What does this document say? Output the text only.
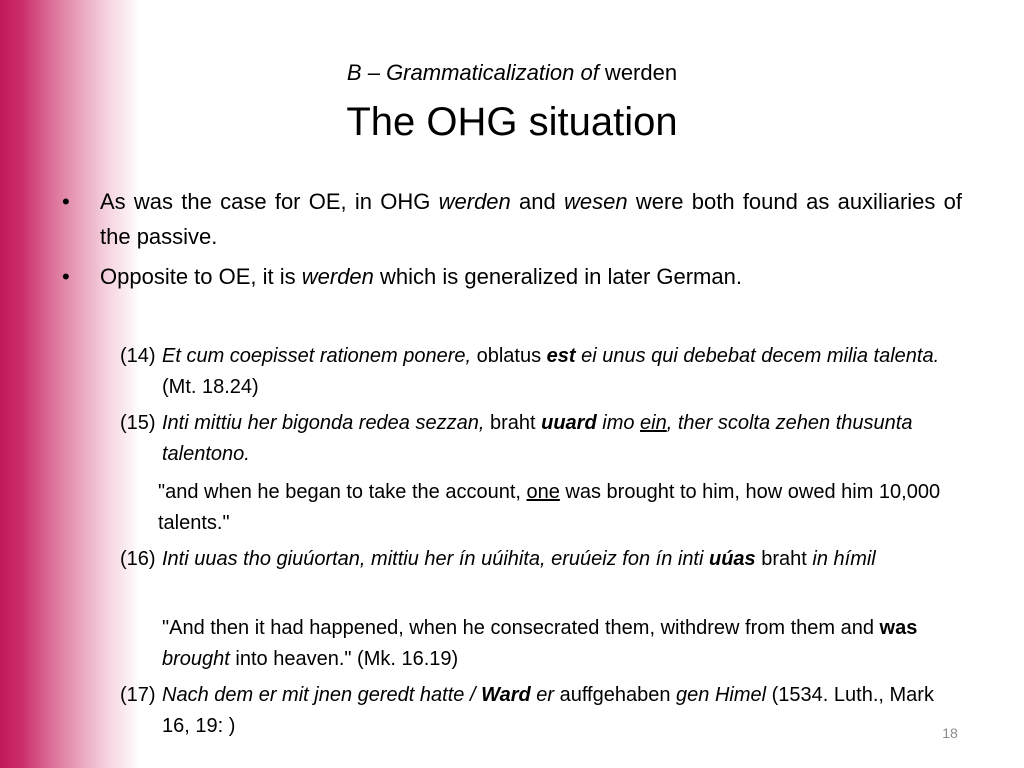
B – Grammaticalization of werden
The OHG situation
• As was the case for OE, in OHG werden and wesen were both found as auxiliaries of the passive.
• Opposite to OE, it is werden which is generalized in later German.
(14) Et cum coepisset rationem ponere, oblatus est ei unus qui debebat decem milia talenta. (Mt. 18.24)
(15) Inti mittiu her bigonda redea sezzan, braht uuard imo ein, ther scolta zehen thusunta talentono.
"and when he began to take the account, one was brought to him, how owed him 10,000 talents."
(16) Inti uuas tho giuúortan, mittiu her ín uúihita, eruúeiz fon ín inti uúas braht in hímil
"And then it had happened, when he consecrated them, withdrew from them and was brought into heaven." (Mk. 16.19)
(17) Nach dem er mit jnen geredt hatte / Ward er auffgehaben gen Himel (1534. Luth., Mark 16, 19: )	18
